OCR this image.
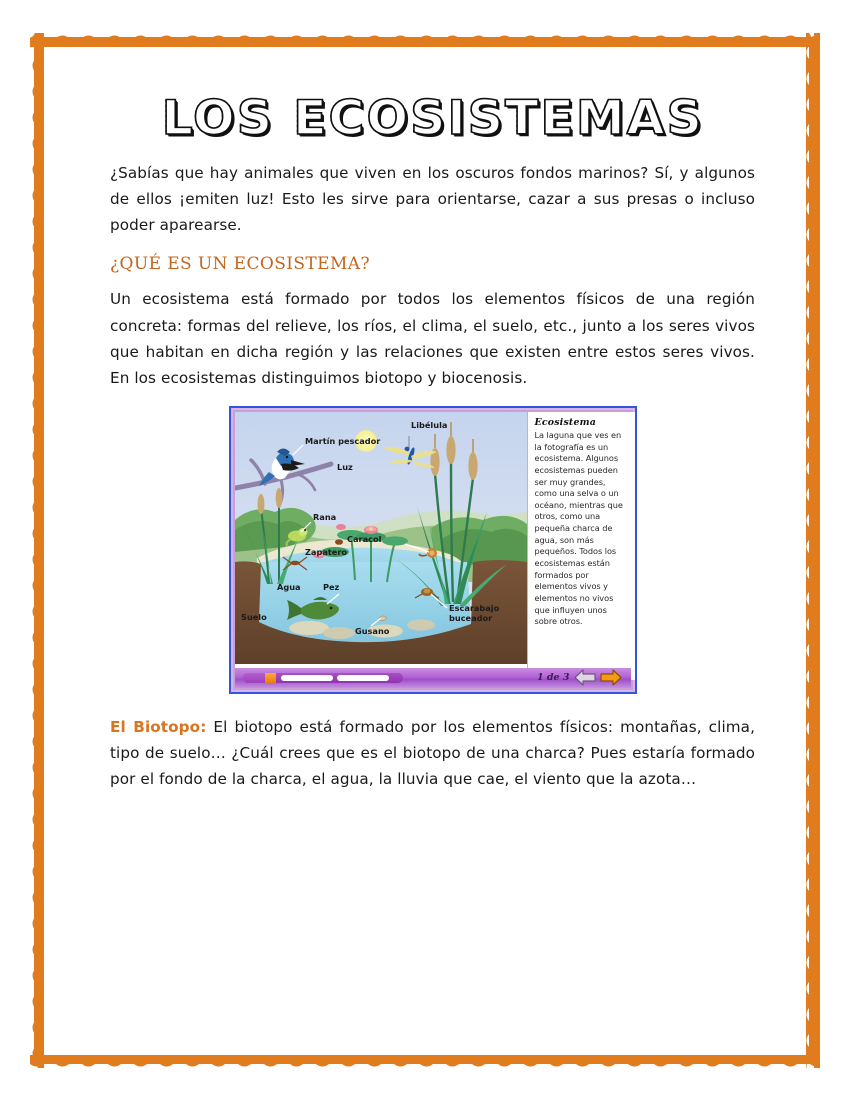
LOS ECOSISTEMAS

¿Sabías que hay animales que viven en los oscuros fondos marinos? Sí, y algunos de ellos ¡emiten luz! Esto les sirve para orientarse, cazar a sus presas o incluso poder aparearse.

¿QUÉ ES UN ECOSISTEMA?

Un ecosistema está formado por todos los elementos físicos de una región concreta: formas del relieve, los ríos, el clima, el suelo, etc., junto a los seres vivos que habitan en dicha región y las relaciones que existen entre estos seres vivos. En los ecosistemas distinguimos biotopo y biocenosis.

Martín pescador
Luz
Libélula
Rana
Zapatero
Caracol
Agua	Pez
Suelo
Gusano
Escarabajo
buceador
Ecosistema

La laguna que ves en la fotografía es un ecosistema. Algunos ecosistemas pueden ser muy grandes, como una selva o un océano, mientras que otros, como una pequeña charca de agua, son más pequeños. Todos los ecosistemas están formados por elementos vivos y elementos no vivos que influyen unos sobre otros.

1 de 3

El Biotopo: El biotopo está formado por los elementos físicos: montañas, clima, tipo de suelo… ¿Cuál crees que es el biotopo de una charca? Pues estaría formado por el fondo de la charca, el agua, la lluvia que cae, el viento que la azota…
